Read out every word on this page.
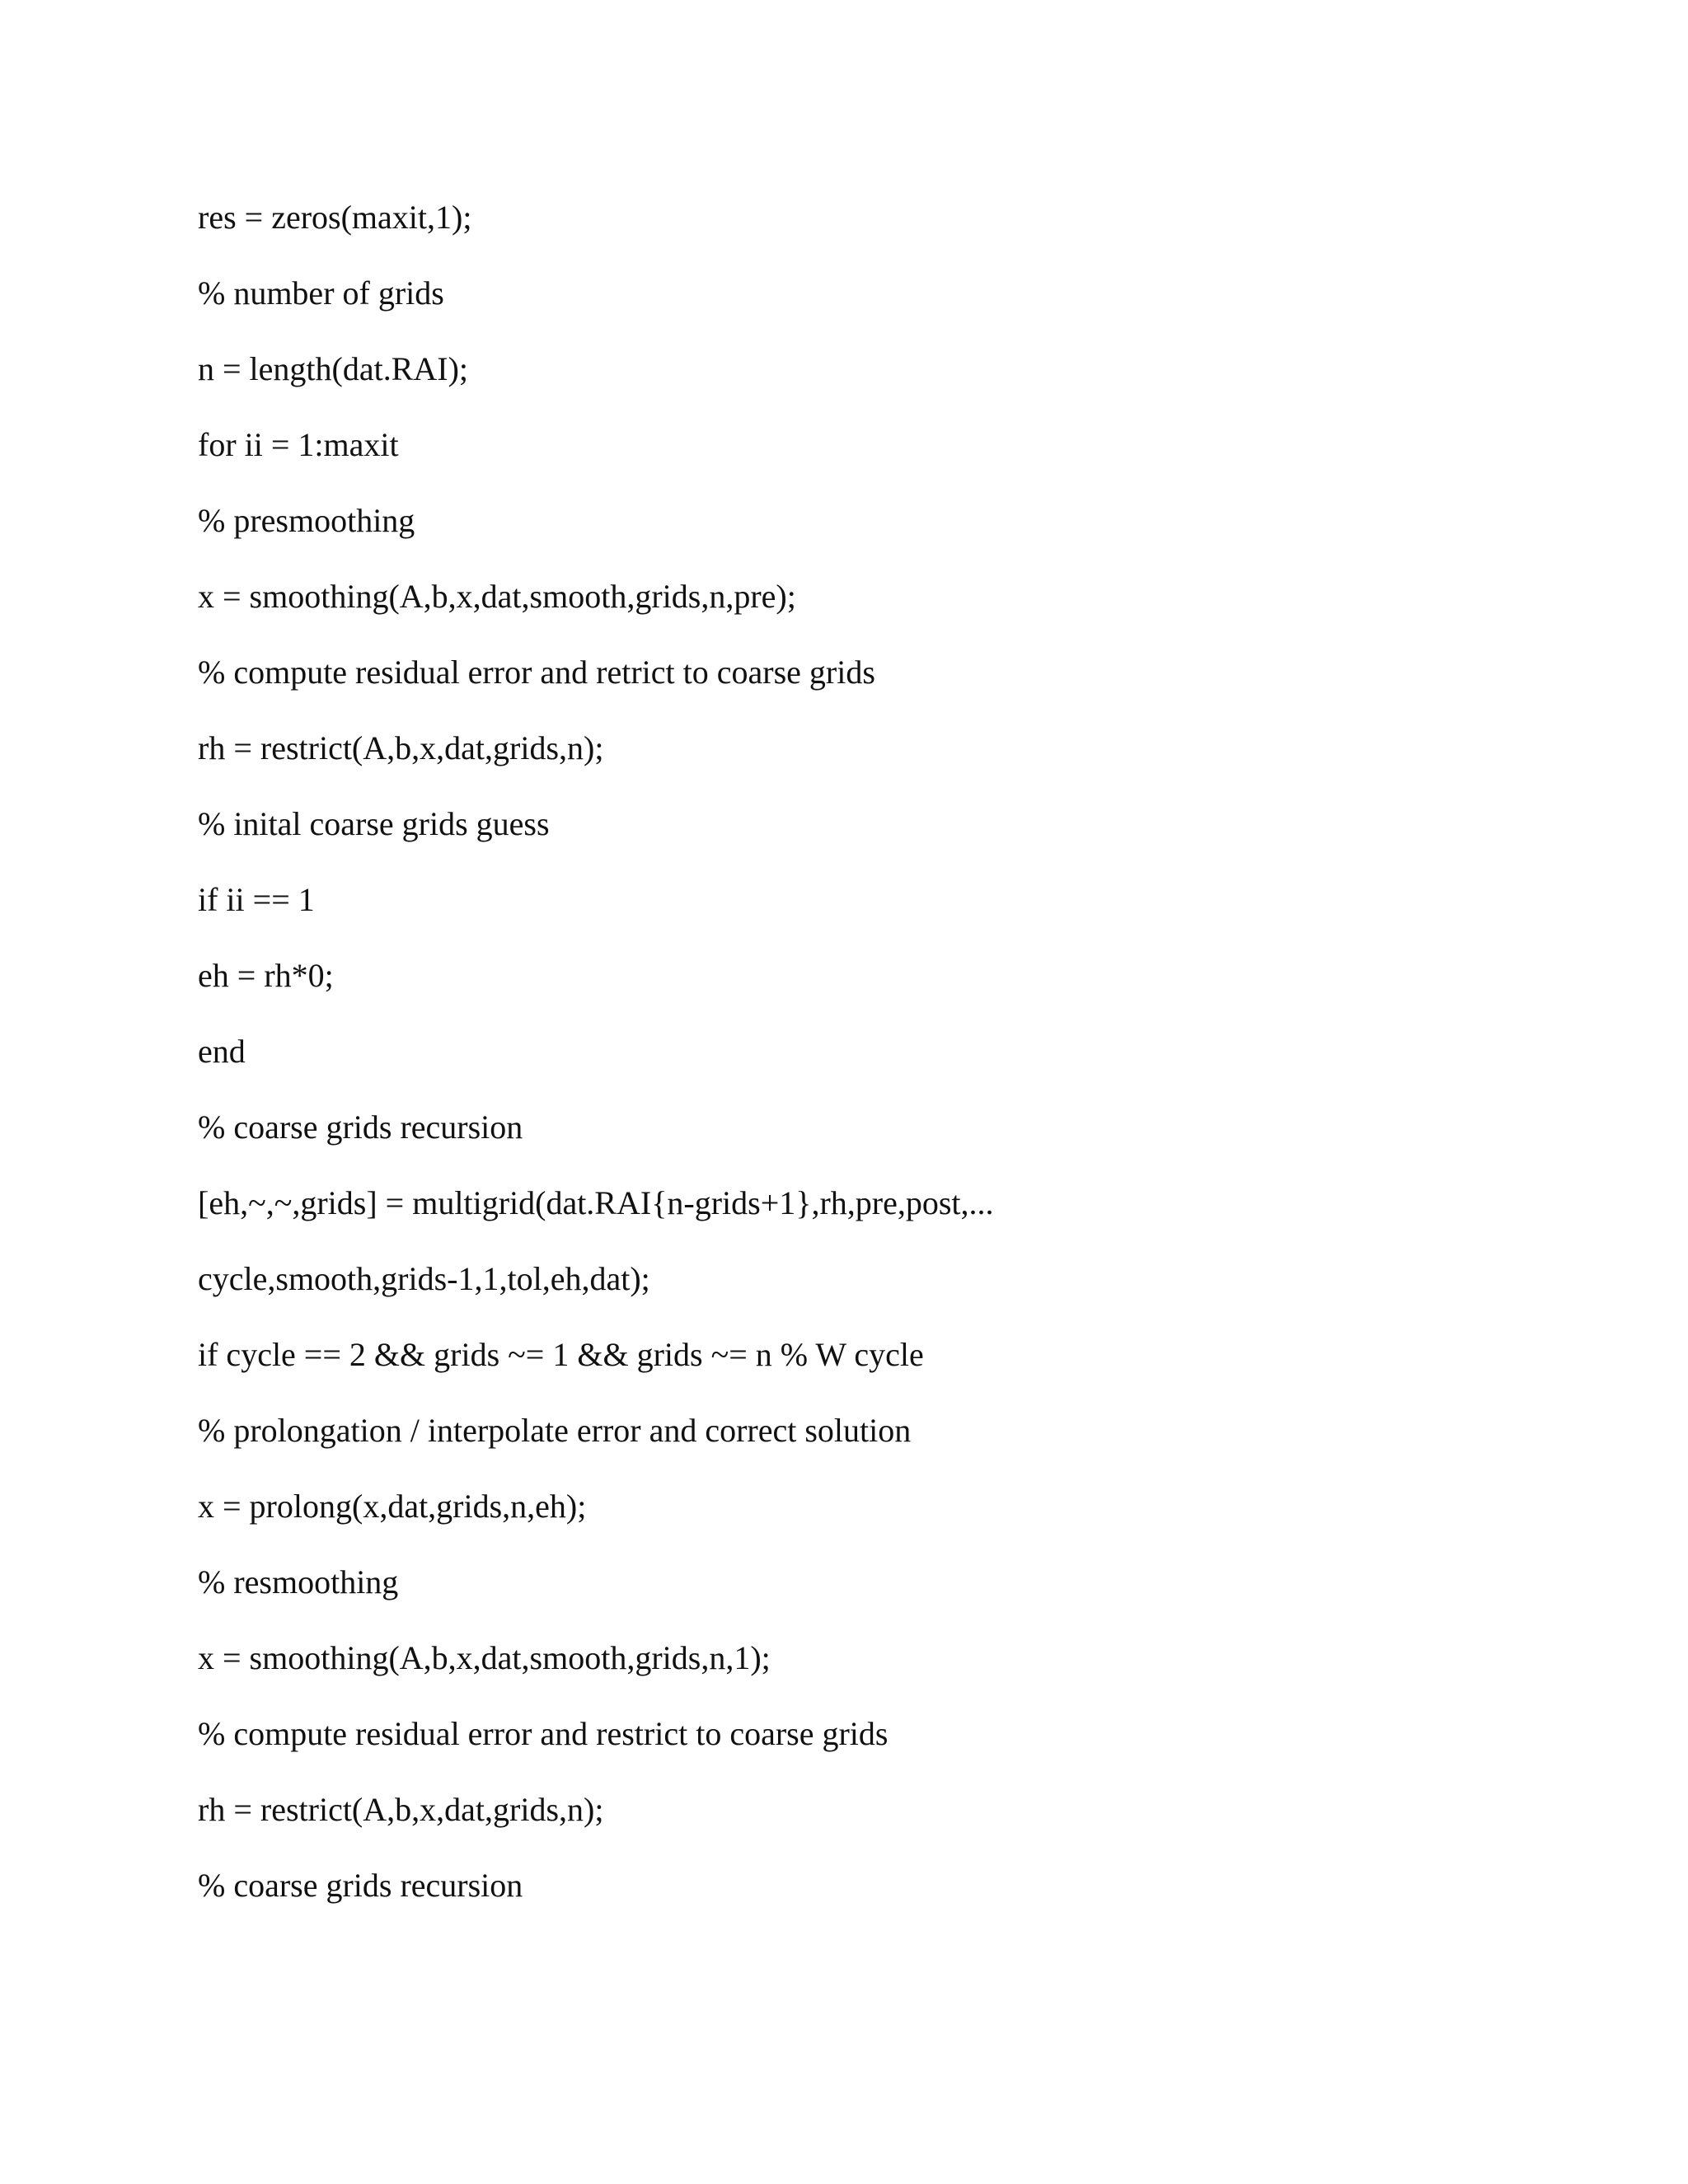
res = zeros(maxit,1);
% number of grids
n = length(dat.RAI);
for ii = 1:maxit
% presmoothing
x = smoothing(A,b,x,dat,smooth,grids,n,pre);
% compute residual error and retrict to coarse grids
rh = restrict(A,b,x,dat,grids,n);
% inital coarse grids guess
if ii == 1
eh = rh*0;
end
% coarse grids recursion
[eh,~,~,grids] = multigrid(dat.RAI{n-grids+1},rh,pre,post,...
cycle,smooth,grids-1,1,tol,eh,dat);
if cycle == 2 && grids ~= 1 && grids ~= n % W cycle
% prolongation / interpolate error and correct solution
x = prolong(x,dat,grids,n,eh);
% resmoothing
x = smoothing(A,b,x,dat,smooth,grids,n,1);
% compute residual error and restrict to coarse grids
rh = restrict(A,b,x,dat,grids,n);
% coarse grids recursion
